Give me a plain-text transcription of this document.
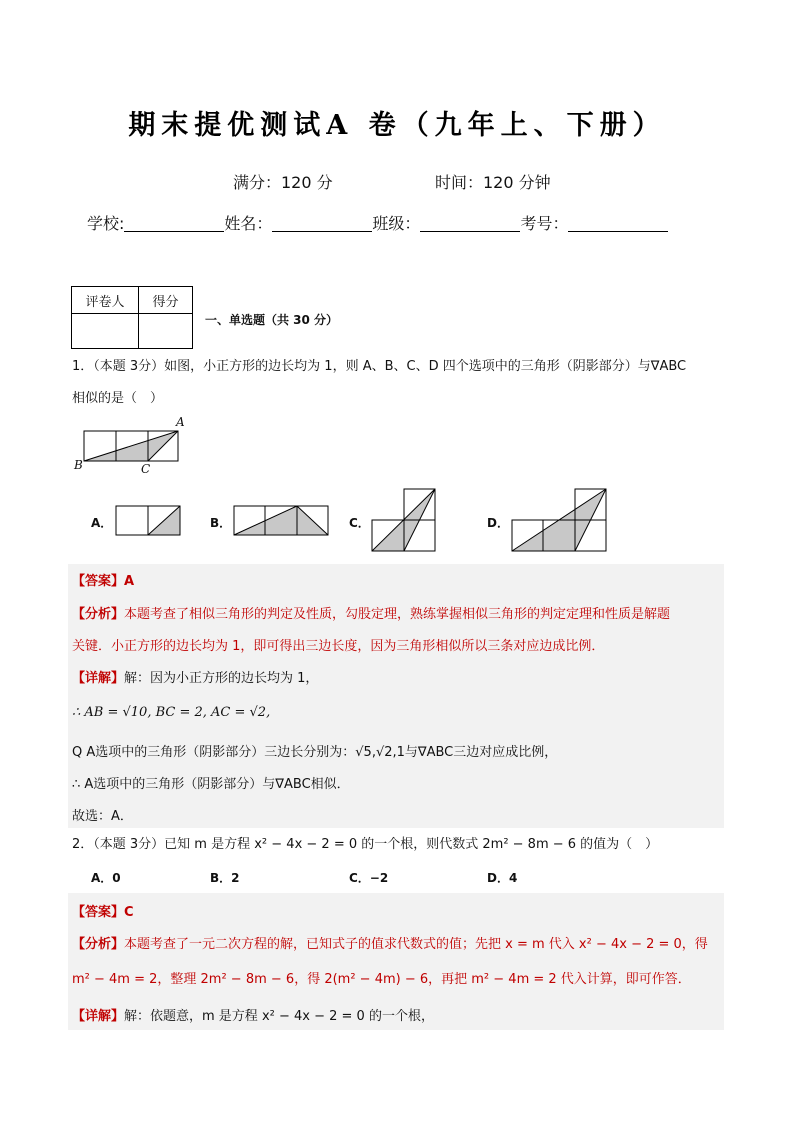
期末提优测试A 卷（九年上、下册）
满分：120 分	时间：120 分钟
学校:	姓名：	班级：	考号：
评卷人	得分

一、单选题（共 30 分）
1．（本题 3分）如图，小正方形的边长均为 1，则 A、B、C、D 四个选项中的三角形（阴影部分）与∇ABC
相似的是（　）
A
B	C
A．	B．	C．	D．
【答案】A
【分析】本题考查了相似三角形的判定及性质，勾股定理，熟练掌握相似三角形的判定定理和性质是解题
关键．小正方形的边长均为 1，即可得出三边长度，因为三角形相似所以三条对应边成比例．
【详解】解：因为小正方形的边长均为 1，
∴ AB = √10, BC = 2, AC = √2,
Q A选项中的三角形（阴影部分）三边长分别为：√5,√2,1与∇ABC三边对应成比例，
∴ A选项中的三角形（阴影部分）与∇ABC相似．
故选：A．
2．（本题 3分）已知 m 是方程 x² − 4x − 2 = 0 的一个根，则代数式 2m² − 8m − 6 的值为（　）
A．0	B．2	C．−2	D．4
【答案】C
【分析】本题考查了一元二次方程的解，已知式子的值求代数式的值；先把 x = m 代入 x² − 4x − 2 = 0，得
m² − 4m = 2，整理 2m² − 8m − 6，得 2(m² − 4m) − 6，再把 m² − 4m = 2 代入计算，即可作答．
【详解】解：依题意，m 是方程 x² − 4x − 2 = 0 的一个根，
